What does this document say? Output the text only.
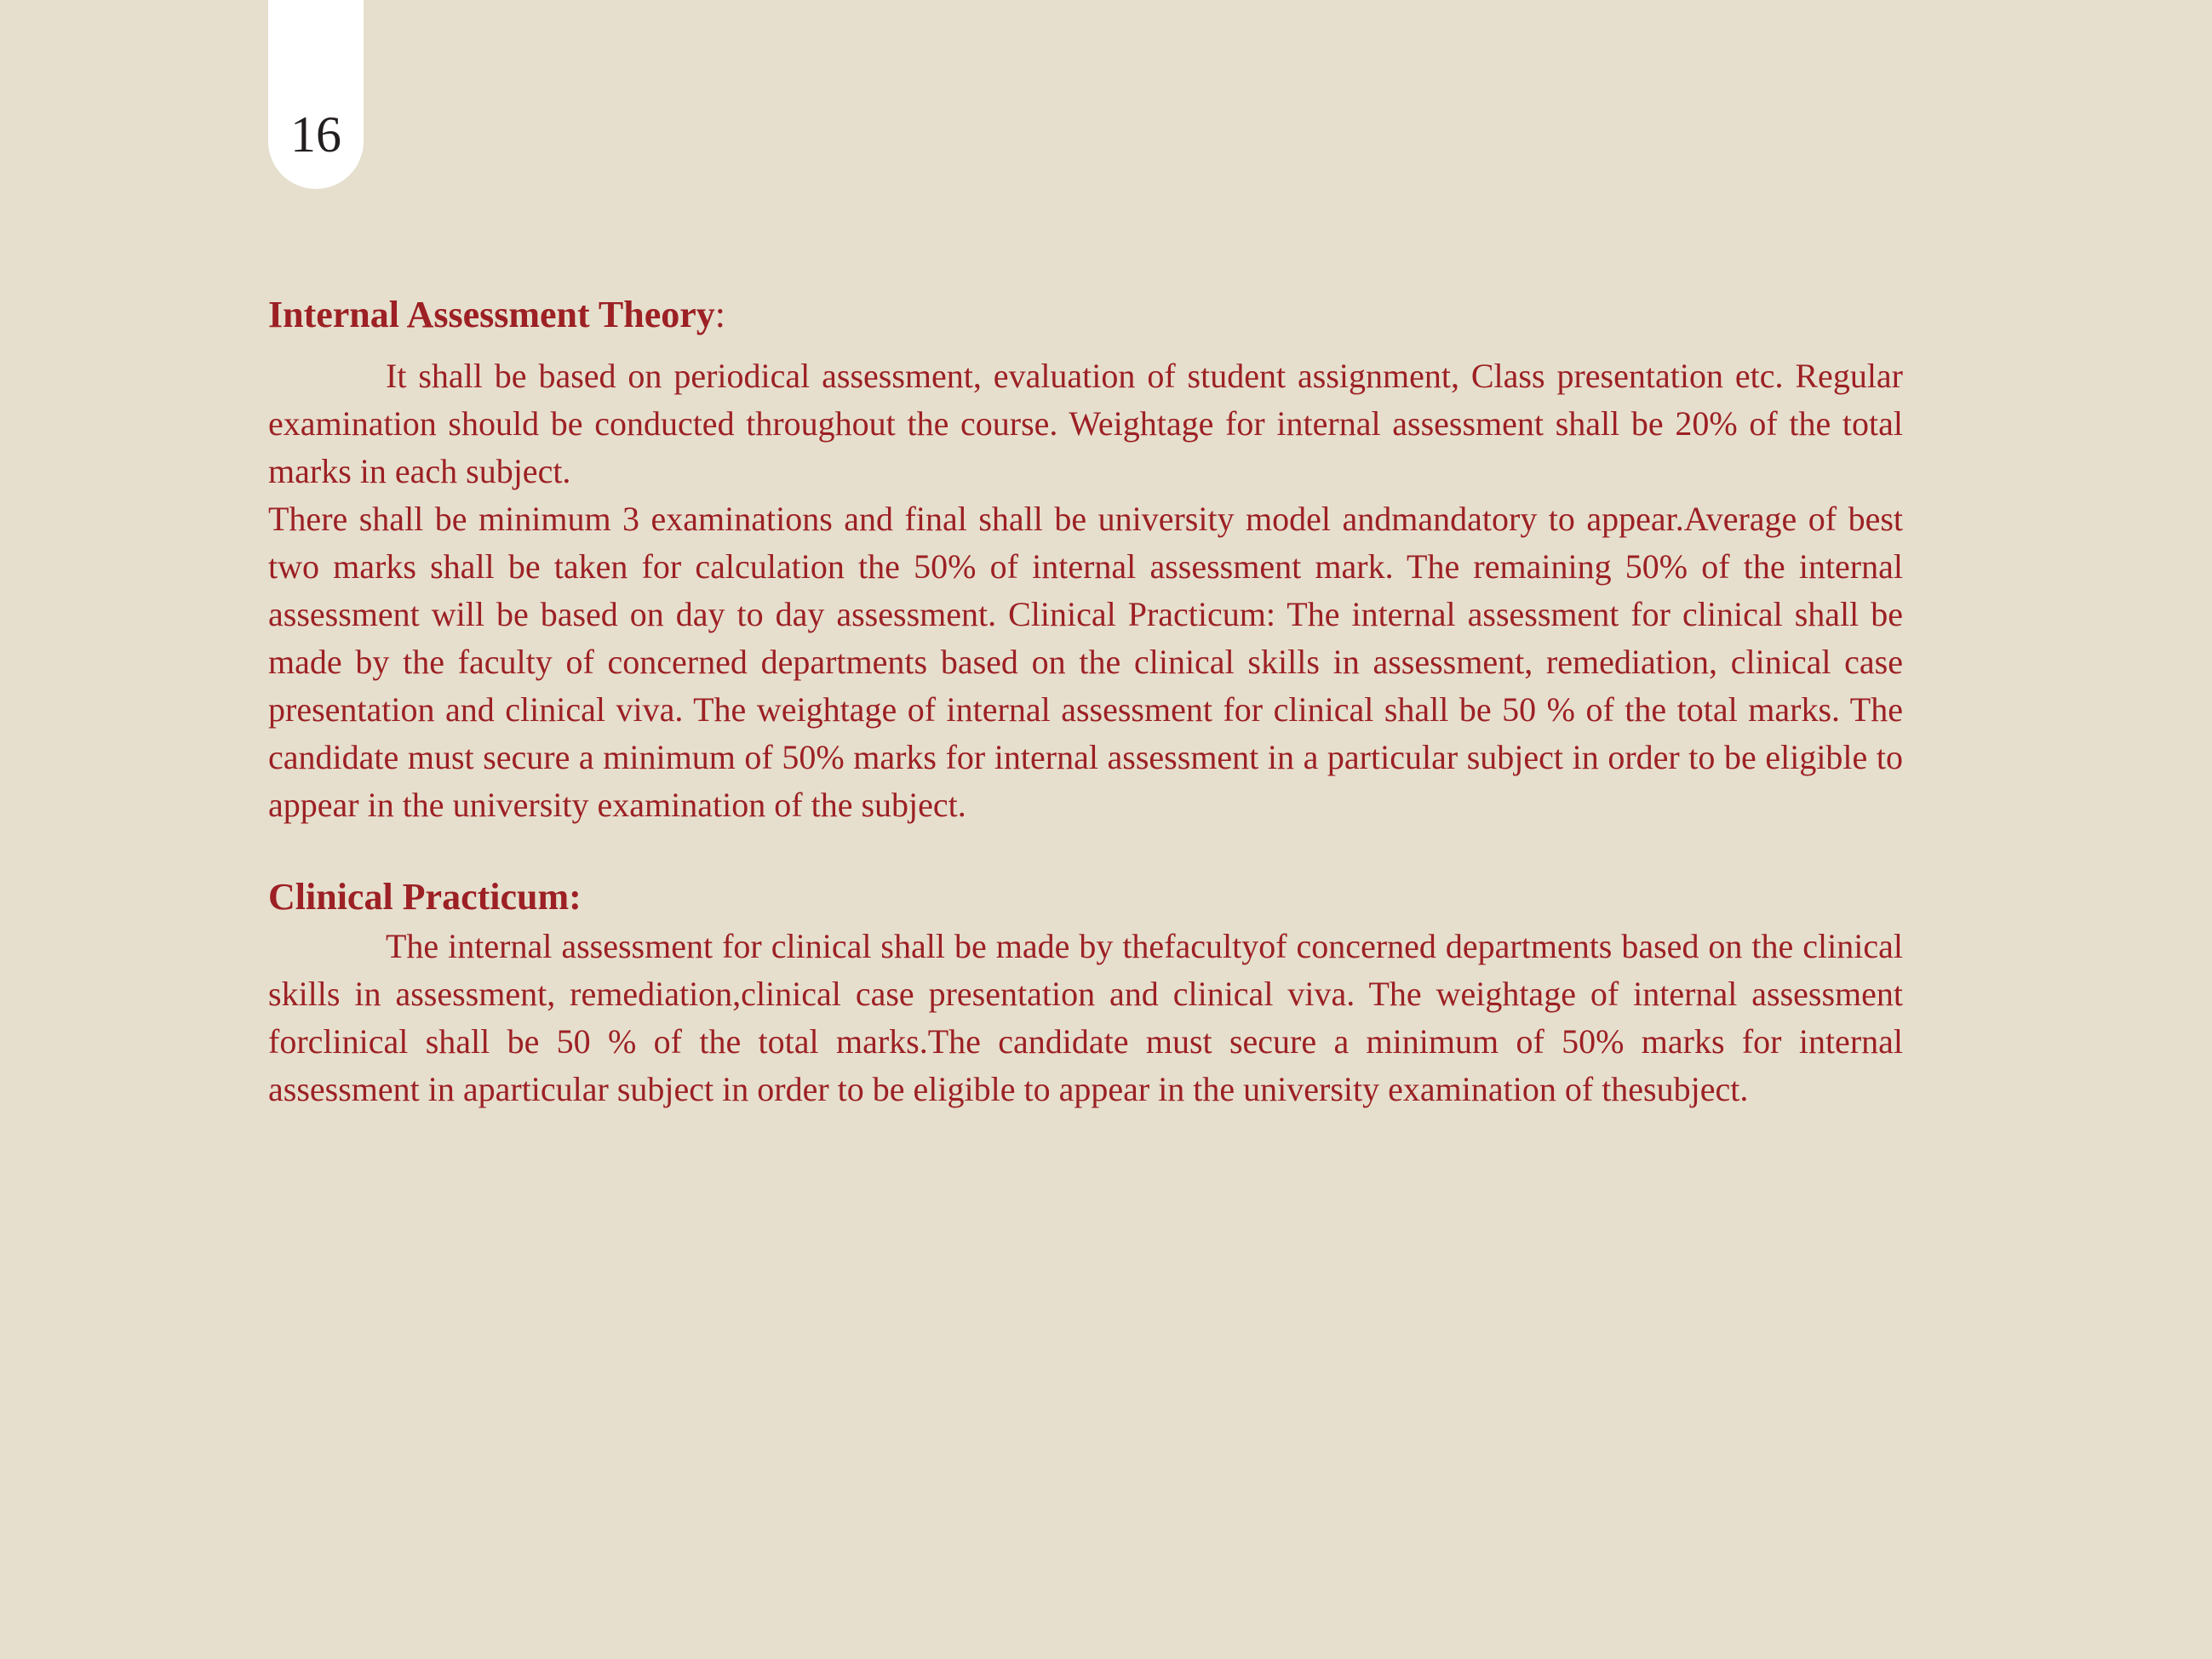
16
Internal Assessment Theory:

It shall be based on periodical assessment, evaluation of student assignment, Class presentation etc. Regular examination should be conducted throughout the course. Weightage for internal assessment shall be 20% of the total marks in each subject.

There shall be minimum 3 examinations and final shall be university model andmandatory to appear.Average of best two marks shall be taken for calculation the 50% of internal assessment mark. The remaining 50% of the internal assessment will be based on day to day assessment. Clinical Practicum: The internal assessment for clinical shall be made by the faculty of concerned departments based on the clinical skills in assessment, remediation, clinical case presentation and clinical viva. The weightage of internal assessment for clinical shall be 50 % of the total marks. The candidate must secure a minimum of 50% marks for internal assessment in a particular subject in order to be eligible to appear in the university examination of the subject.

Clinical Practicum:

The internal assessment for clinical shall be made by thefacultyof concerned departments based on the clinical skills in assessment, remediation,clinical case presentation and clinical viva. The weightage of internal assessment forclinical shall be 50 % of the total marks.The candidate must secure a minimum of 50% marks for internal assessment in aparticular subject in order to be eligible to appear in the university examination of thesubject.
